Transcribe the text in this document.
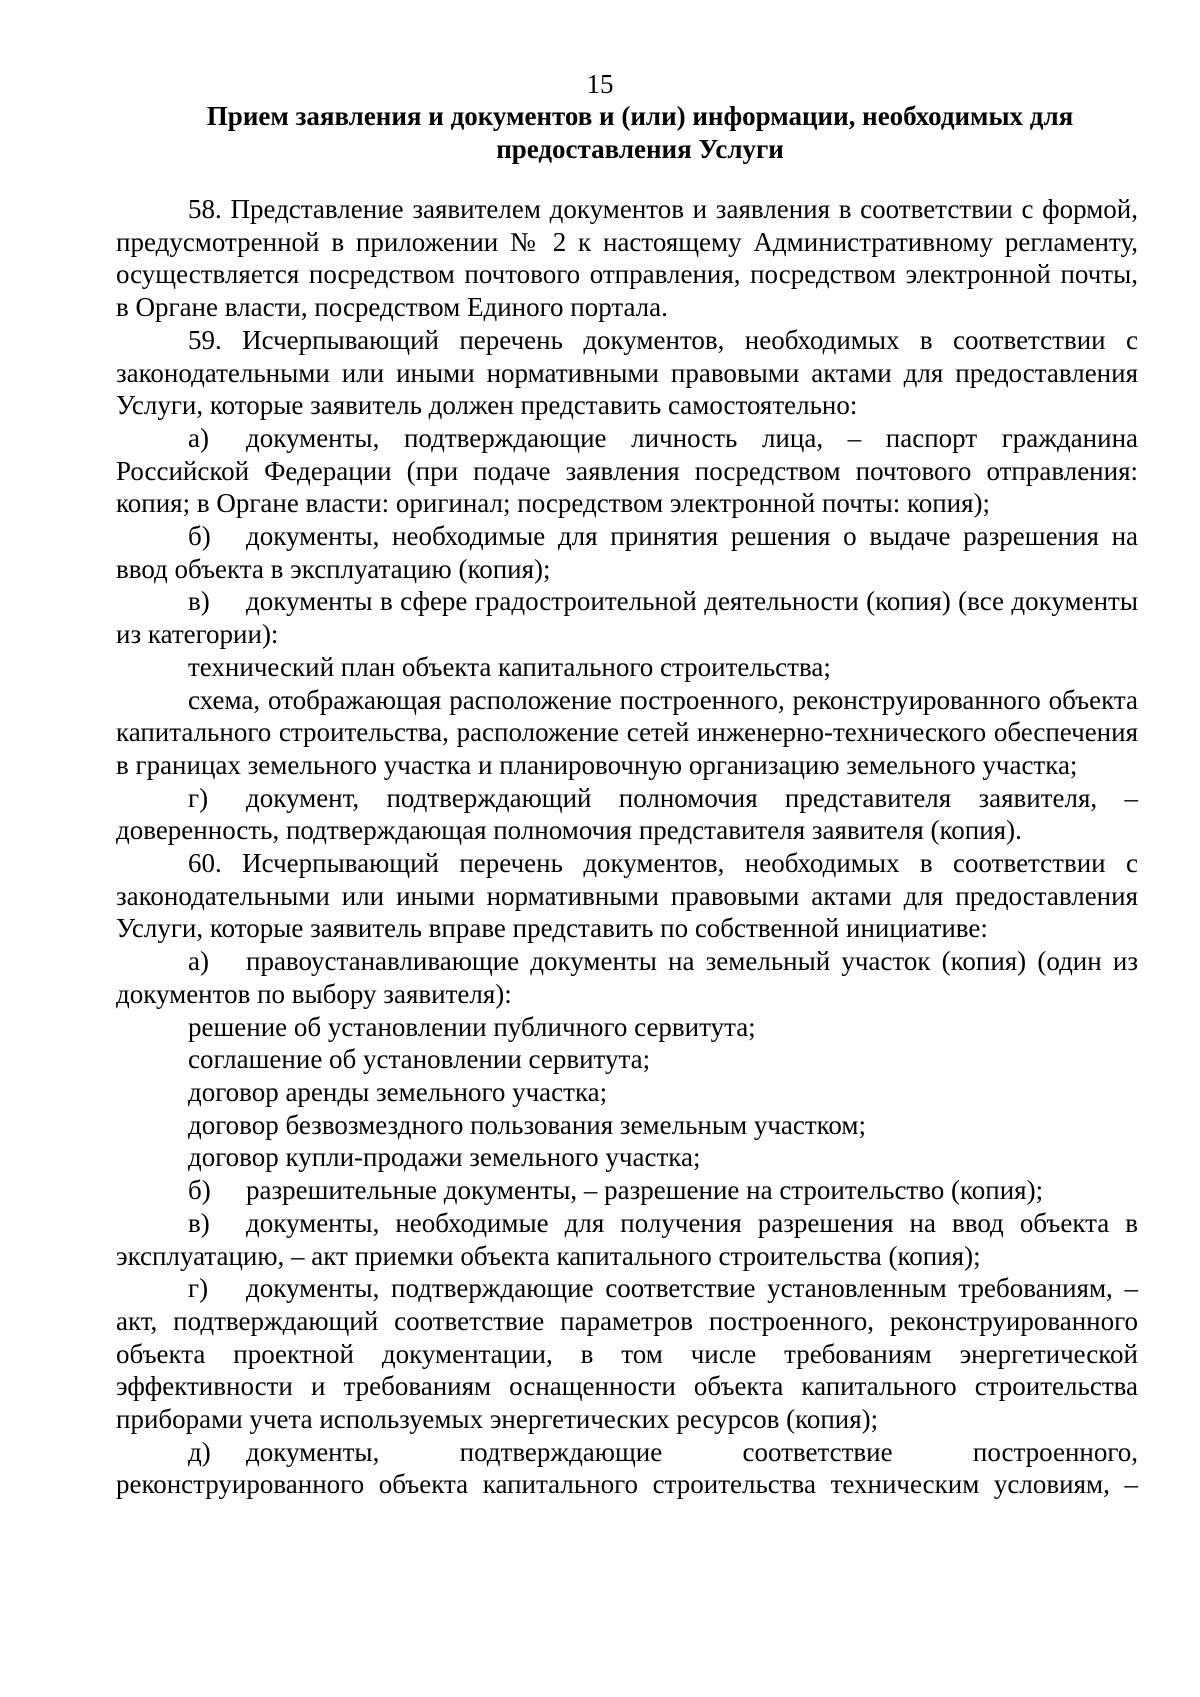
15
Прием заявления и документов и (или) информации, необходимых для предоставления Услуги

58. Представление заявителем документов и заявления в соответствии с формой, предусмотренной в приложении № 2 к настоящему Административному регламенту, осуществляется посредством почтового отправления, посредством электронной почты, в Органе власти, посредством Единого портала.

59. Исчерпывающий перечень документов, необходимых в соответствии с законодательными или иными нормативными правовыми актами для предоставления Услуги, которые заявитель должен представить самостоятельно:

а) документы, подтверждающие личность лица, – паспорт гражданина Российской Федерации (при подаче заявления посредством почтового отправления: копия; в Органе власти: оригинал; посредством электронной почты: копия);

б) документы, необходимые для принятия решения о выдаче разрешения на ввод объекта в эксплуатацию (копия);

в) документы в сфере градостроительной деятельности (копия) (все документы из категории):

технический план объекта капитального строительства;

схема, отображающая расположение построенного, реконструированного объекта капитального строительства, расположение сетей инженерно-технического обеспечения в границах земельного участка и планировочную организацию земельного участка;

г) документ, подтверждающий полномочия представителя заявителя, – доверенность, подтверждающая полномочия представителя заявителя (копия).

60. Исчерпывающий перечень документов, необходимых в соответствии с законодательными или иными нормативными правовыми актами для предоставления Услуги, которые заявитель вправе представить по собственной инициативе:

а) правоустанавливающие документы на земельный участок (копия) (один из документов по выбору заявителя):

решение об установлении публичного сервитута;

соглашение об установлении сервитута;

договор аренды земельного участка;

договор безвозмездного пользования земельным участком;

договор купли-продажи земельного участка;

б) разрешительные документы, – разрешение на строительство (копия);

в) документы, необходимые для получения разрешения на ввод объекта в эксплуатацию, – акт приемки объекта капитального строительства (копия);

г) документы, подтверждающие соответствие установленным требованиям, – акт, подтверждающий соответствие параметров построенного, реконструированного объекта проектной документации, в том числе требованиям энергетической эффективности и требованиям оснащенности объекта капитального строительства приборами учета используемых энергетических ресурсов (копия);

д) документы, подтверждающие соответствие построенного, реконструированного объекта капитального строительства техническим условиям, –
